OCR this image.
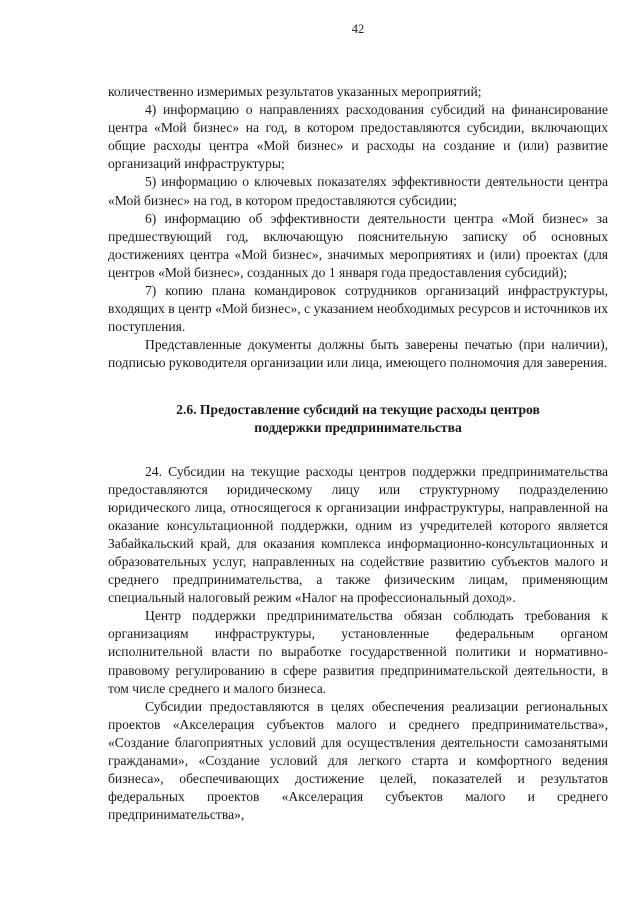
42

количественно измеримых результатов указанных мероприятий;

4) информацию о направлениях расходования субсидий на финансирование центра «Мой бизнес» на год, в котором предоставляются субсидии, включающих общие расходы центра «Мой бизнес» и расходы на создание и (или) развитие организаций инфраструктуры;

5) информацию о ключевых показателях эффективности деятельности центра «Мой бизнес» на год, в котором предоставляются субсидии;

6) информацию об эффективности деятельности центра «Мой бизнес» за предшествующий год, включающую пояснительную записку об основных достижениях центра «Мой бизнес», значимых мероприятиях и (или) проектах (для центров «Мой бизнес», созданных до 1 января года предоставления субсидий);

7) копию плана командировок сотрудников организаций инфраструктуры, входящих в центр «Мой бизнес», с указанием необходимых ресурсов и источников их поступления.

Представленные документы должны быть заверены печатью (при наличии), подписью руководителя организации или лица, имеющего полномочия для заверения.

2.6. Предоставление субсидий на текущие расходы центров
поддержки предпринимательства

24. Субсидии на текущие расходы центров поддержки предпринимательства предоставляются юридическому лицу или структурному подразделению юридического лица, относящегося к организации инфраструктуры, направленной на оказание консультационной поддержки, одним из учредителей которого является Забайкальский край, для оказания комплекса информационно-консультационных и образовательных услуг, направленных на содействие развитию субъектов малого и среднего предпринимательства, а также физическим лицам, применяющим специальный налоговый режим «Налог на профессиональный доход».

Центр поддержки предпринимательства обязан соблюдать требования к организациям инфраструктуры, установленные федеральным органом исполнительной власти по выработке государственной политики и нормативно-правовому регулированию в сфере развития предпринимательской деятельности, в том числе среднего и малого бизнеса.

Субсидии предоставляются в целях обеспечения реализации региональных проектов «Акселерация субъектов малого и среднего предпринимательства», «Создание благоприятных условий для осуществления деятельности самозанятыми гражданами», «Создание условий для легкого старта и комфортного ведения бизнеса», обеспечивающих достижение целей, показателей и результатов федеральных проектов «Акселерация субъектов малого и среднего предпринимательства»,
